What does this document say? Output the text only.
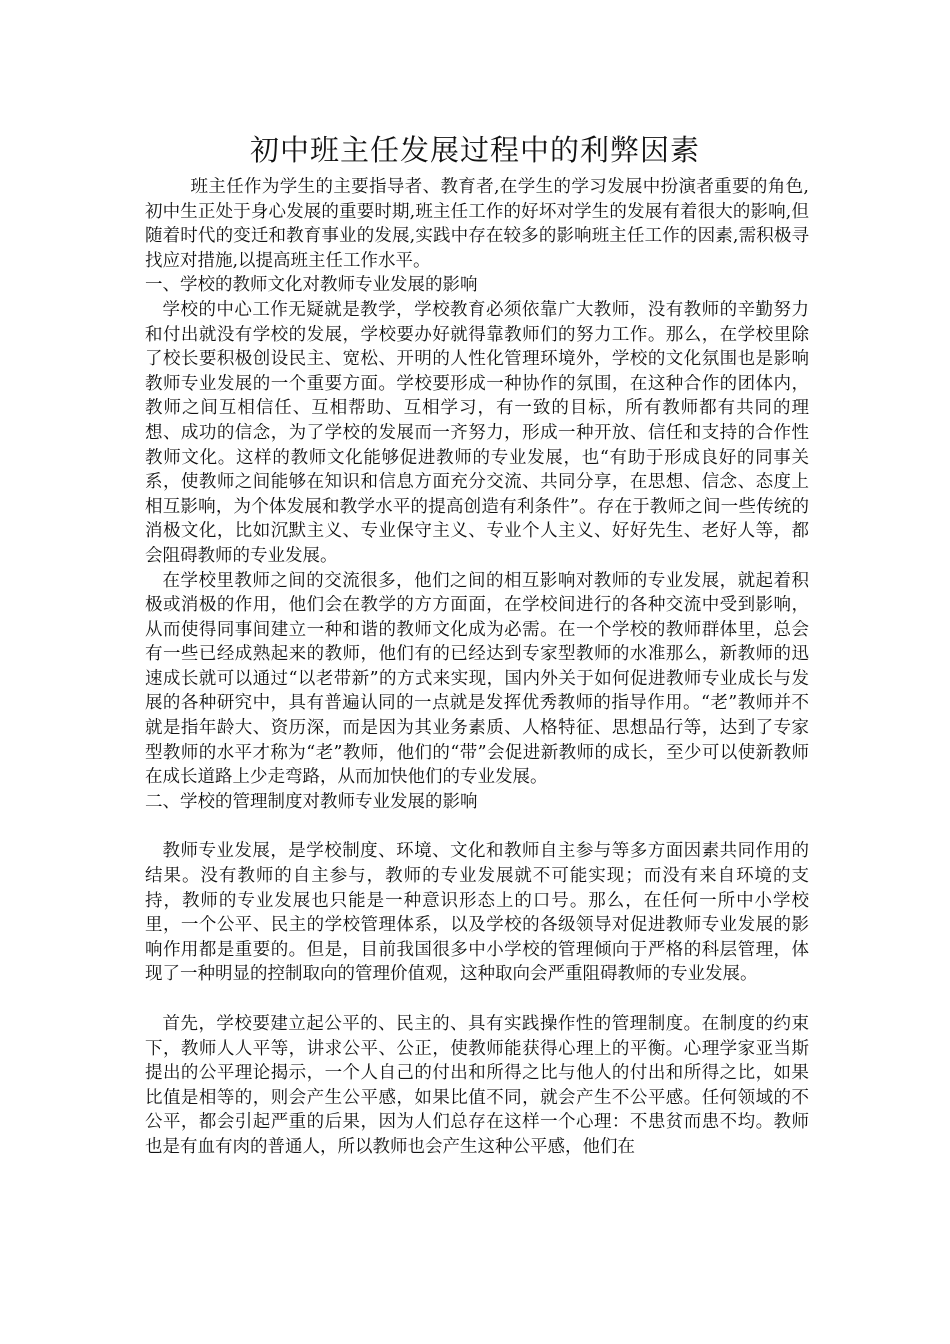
初中班主任发展过程中的利弊因素

班主任作为学生的主要指导者、教育者,在学生的学习发展中扮演者重要的角色,初中生正处于身心发展的重要时期,班主任工作的好坏对学生的发展有着很大的影响,但随着时代的变迁和教育事业的发展,实践中存在较多的影响班主任工作的因素,需积极寻找应对措施,以提高班主任工作水平。

一、学校的教师文化对教师专业发展的影响

学校的中心工作无疑就是教学，学校教育必须依靠广大教师，没有教师的辛勤努力和付出就没有学校的发展，学校要办好就得靠教师们的努力工作。那么，在学校里除了校长要积极创设民主、宽松、开明的人性化管理环境外，学校的文化氛围也是影响教师专业发展的一个重要方面。学校要形成一种协作的氛围，在这种合作的团体内，教师之间互相信任、互相帮助、互相学习，有一致的目标，所有教师都有共同的理想、成功的信念，为了学校的发展而一齐努力，形成一种开放、信任和支持的合作性教师文化。这样的教师文化能够促进教师的专业发展，也“有助于形成良好的同事关系，使教师之间能够在知识和信息方面充分交流、共同分享，在思想、信念、态度上相互影响，为个体发展和教学水平的提高创造有利条件”。存在于教师之间一些传统的消极文化，比如沉默主义、专业保守主义、专业个人主义、好好先生、老好人等，都会阻碍教师的专业发展。

在学校里教师之间的交流很多，他们之间的相互影响对教师的专业发展，就起着积极或消极的作用，他们会在教学的方方面面，在学校间进行的各种交流中受到影响，从而使得同事间建立一种和谐的教师文化成为必需。在一个学校的教师群体里，总会有一些已经成熟起来的教师，他们有的已经达到专家型教师的水准那么，新教师的迅速成长就可以通过“以老带新”的方式来实现，国内外关于如何促进教师专业成长与发展的各种研究中，具有普遍认同的一点就是发挥优秀教师的指导作用。“老”教师并不就是指年龄大、资历深，而是因为其业务素质、人格特征、思想品行等，达到了专家型教师的水平才称为“老”教师，他们的“带”会促进新教师的成长，至少可以使新教师在成长道路上少走弯路，从而加快他们的专业发展。

二、学校的管理制度对教师专业发展的影响

教师专业发展，是学校制度、环境、文化和教师自主参与等多方面因素共同作用的结果。没有教师的自主参与，教师的专业发展就不可能实现；而没有来自环境的支持，教师的专业发展也只能是一种意识形态上的口号。那么，在任何一所中小学校里，一个公平、民主的学校管理体系，以及学校的各级领导对促进教师专业发展的影响作用都是重要的。但是，目前我国很多中小学校的管理倾向于严格的科层管理，体现了一种明显的控制取向的管理价值观，这种取向会严重阻碍教师的专业发展。

首先，学校要建立起公平的、民主的、具有实践操作性的管理制度。在制度的约束下，教师人人平等，讲求公平、公正，使教师能获得心理上的平衡。心理学家亚当斯提出的公平理论揭示，一个人自己的付出和所得之比与他人的付出和所得之比，如果比值是相等的，则会产生公平感，如果比值不同，就会产生不公平感。任何领域的不公平，都会引起严重的后果，因为人们总存在这样一个心理：不患贫而患不均。教师也是有血有肉的普通人，所以教师也会产生这种公平感，他们在
